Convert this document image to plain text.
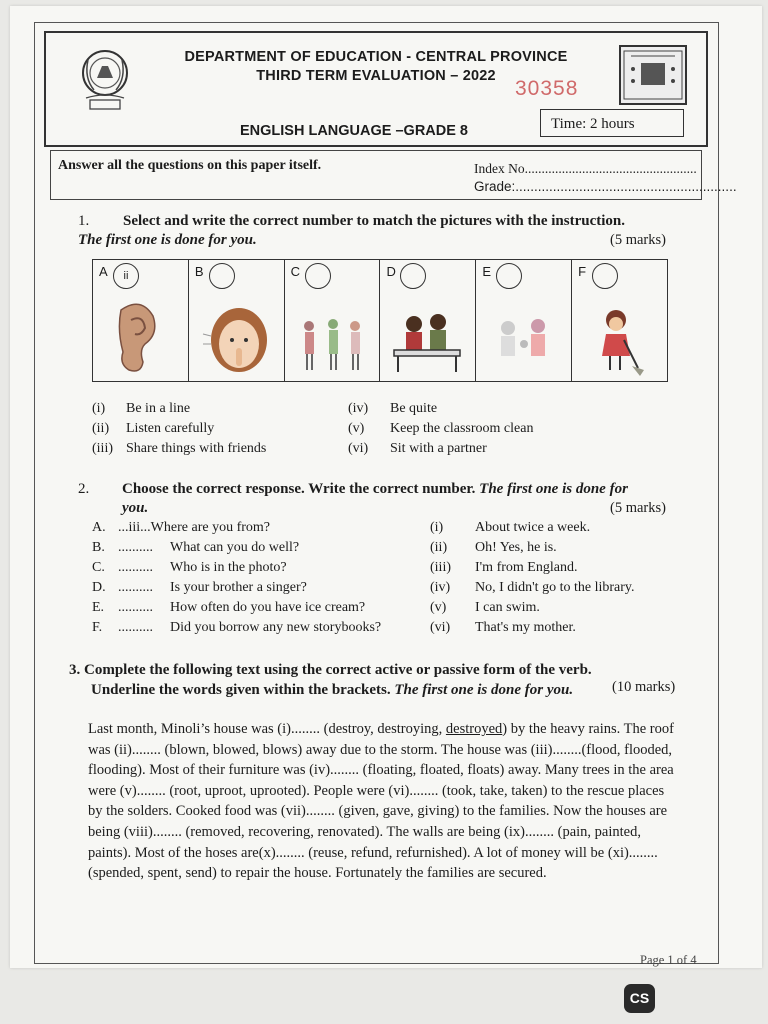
DEPARTMENT OF EDUCATION - CENTRAL PROVINCE
THIRD TERM EVALUATION – 2022
30358
ENGLISH LANGUAGE –GRADE 8	Time: 2 hours
Answer all the questions on this paper itself.	Index No...................................................
Grade:...........................................................
1. Select and write the correct number to match the pictures with the instruction.
The first one is done for you.	(5 marks)
A	ii	B	C	D	E	F
(i) Be in a line
(ii) Listen carefully
(iii) Share things with friends
(iv) Be quite
(v) Keep the classroom clean
(vi) Sit with a partner
2. Choose the correct response. Write the correct number. The first one is done for
you.	(5 marks)
A. ...iii...Where are you from?
B. .......... What can you do well?
C. .......... Who is in the photo?
D. .......... Is your brother a singer?
E. .......... How often do you have ice cream?
F. .......... Did you borrow any new storybooks?
(i) About twice a week.
(ii) Oh! Yes, he is.
(iii) I'm from England.
(iv) No, I didn't go to the library.
(v) I can swim.
(vi) That's my mother.
3. Complete the following text using the correct active or passive form of the verb.
Underline the words given within the brackets. The first one is done for you.	(10 marks)
Last month, Minoli’s house was (i)........ (destroy, destroying, destroyed) by the heavy rains. The roof was (ii)........ (blown, blowed, blows) away due to the storm. The house was (iii)........(flood, flooded, flooding). Most of their furniture was (iv)........ (floating, floated, floats) away. Many trees in the area were (v)........ (root, uproot, uprooted). People were (vi)........ (took, take, taken) to the rescue places by the solders. Cooked food was (vii)........ (given, gave, giving) to the families. Now the houses are being (viii)........ (removed, recovering, renovated). The walls are being (ix)........ (pain, painted, paints). Most of the hoses are(x)........ (reuse, refund, refurnished). A lot of money will be (xi)........(spended, spent, send) to repair the house. Fortunately the families are secured.
Page 1 of 4
CS
